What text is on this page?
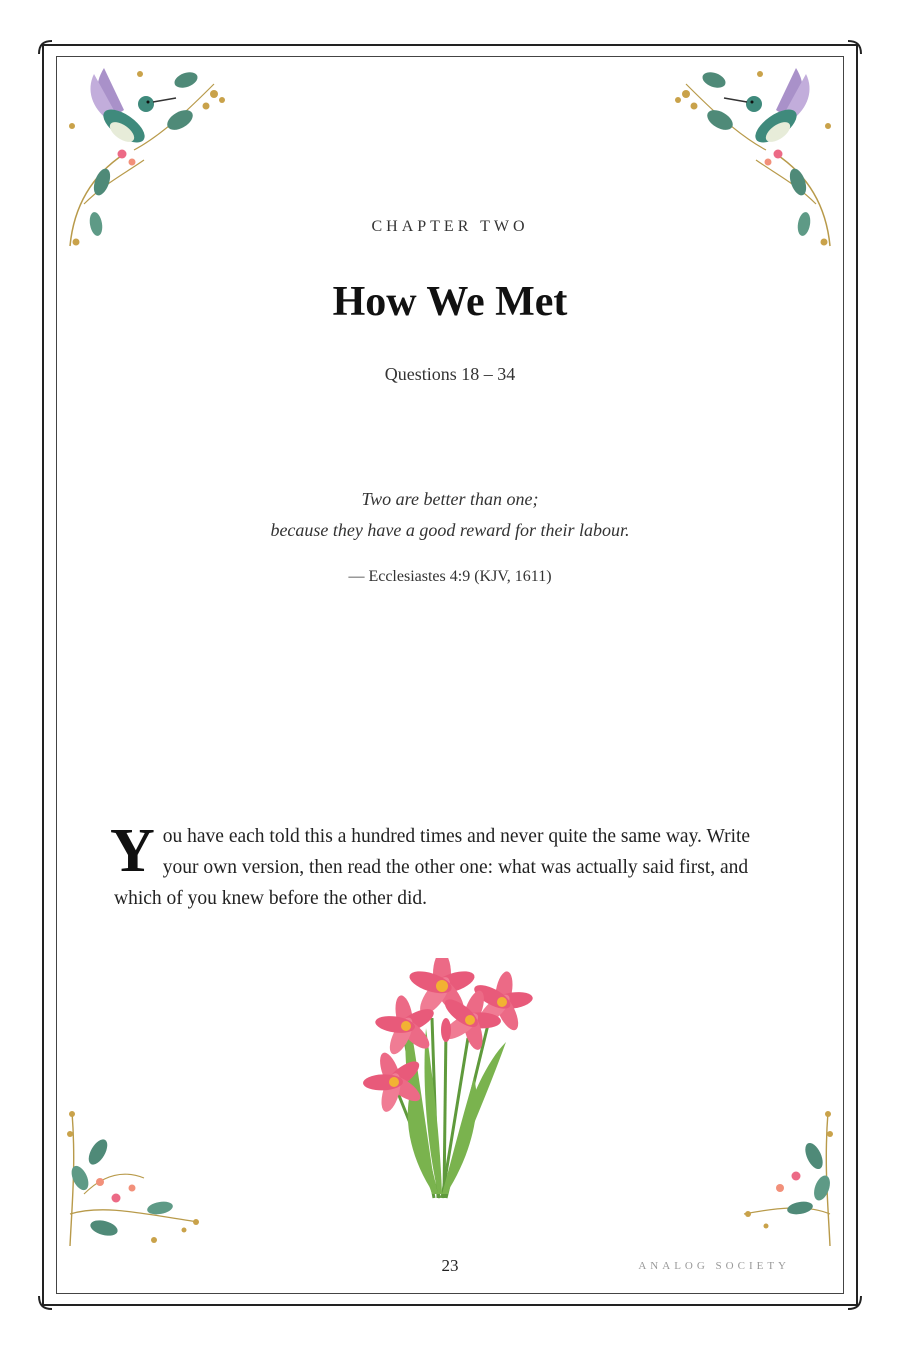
CHAPTER TWO
How We Met
Questions 18 – 34
Two are better than one;
because they have a good reward for their labour.
— Ecclesiastes 4:9 (KJV, 1611)
You have each told this a hundred times and never quite the same way. Write your own version, then read the other one: what was actually said first, and which of you knew before the other did.
23	ANALOG SOCIETY
